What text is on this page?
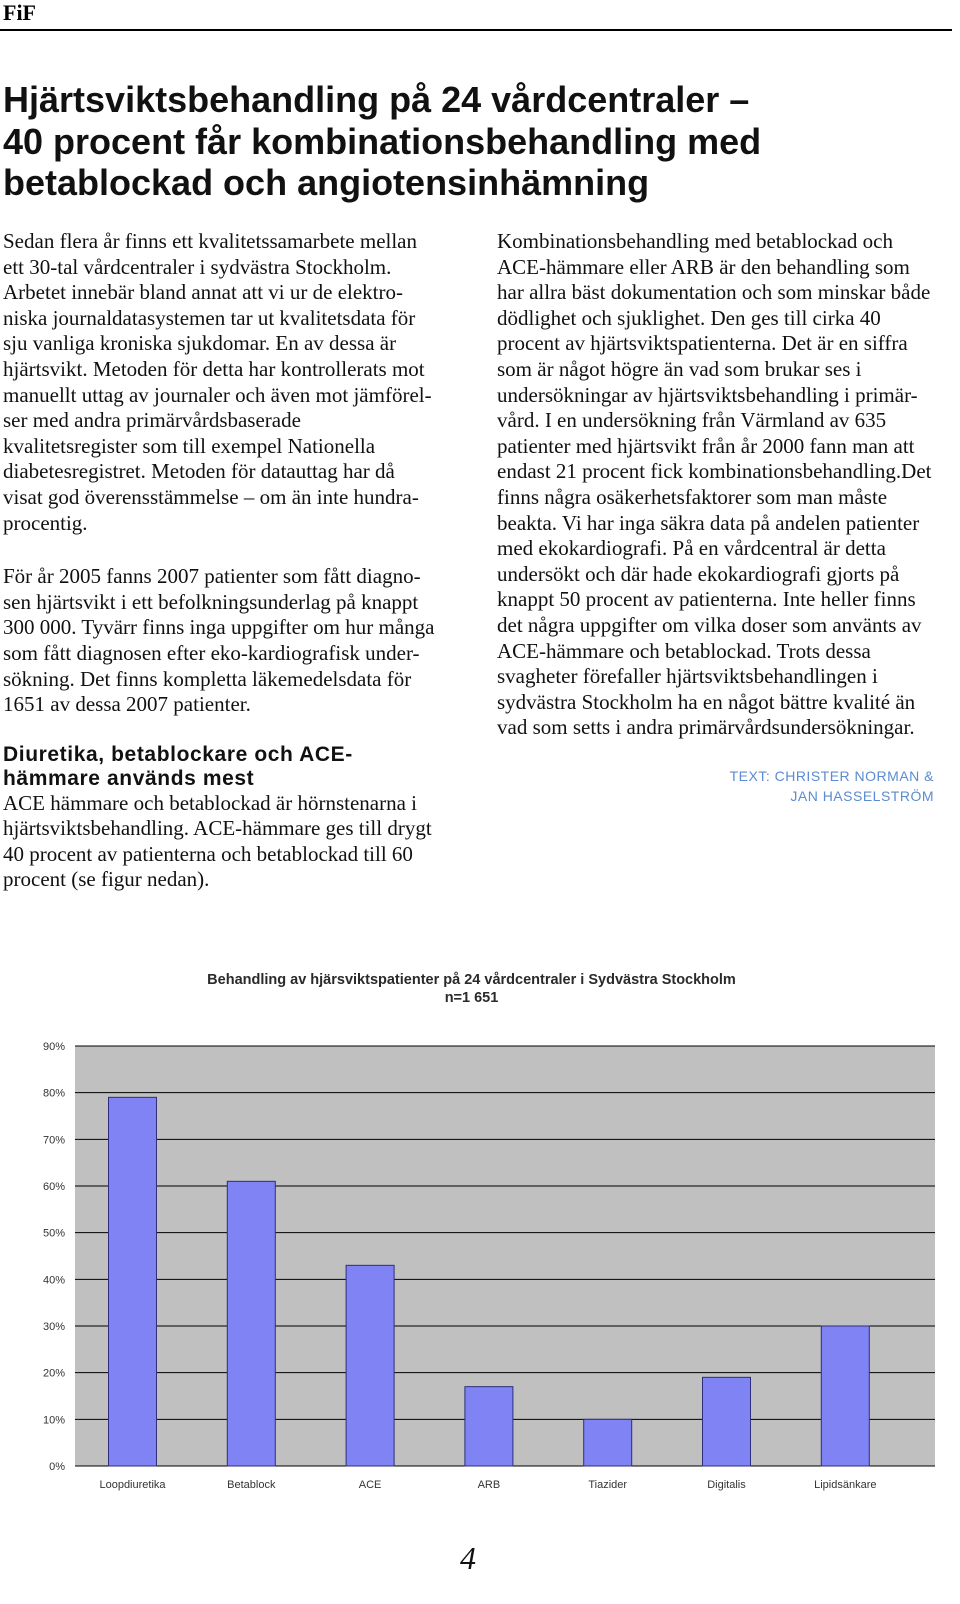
FiF
Hjärtsviktsbehandling på 24 vårdcentraler –
40 procent får kombinationsbehandling med
betablockad och angiotensinhämning
Sedan flera år finns ett kvalitetssamarbete mellan
ett 30-tal vårdcentraler i sydvästra Stockholm.
Arbetet innebär bland annat att vi ur de elektro-
niska journaldatasystemen tar ut kvalitetsdata för
sju vanliga kroniska sjukdomar. En av dessa är
hjärtsvikt. Metoden för detta har kontrollerats mot
manuellt uttag av journaler och även mot jämförel-
ser med andra primärvårdsbaserade
kvalitetsregister som till exempel Nationella
diabetesregistret. Metoden för datauttag har då
visat god överensstämmelse – om än inte hundra-
procentig.
För år 2005 fanns 2007 patienter som fått diagno-
sen hjärtsvikt i ett befolkningsunderlag på knappt
300 000. Tyvärr finns inga uppgifter om hur många
som fått diagnosen efter eko-kardiografisk under-
sökning. Det finns kompletta läkemedelsdata för
1651 av dessa 2007 patienter.
Diuretika, betablockare och ACE-
hämmare används mest
ACE hämmare och betablockad är hörnstenarna i
hjärtsviktsbehandling. ACE-hämmare ges till drygt
40 procent av patienterna och betablockad till 60
procent (se figur nedan).
Kombinationsbehandling med betablockad och
ACE-hämmare eller ARB är den behandling som
har allra bäst dokumentation och som minskar både
dödlighet och sjuklighet. Den ges till cirka 40
procent av hjärtsviktspatienterna. Det är en siffra
som är något högre än vad som brukar ses i
undersökningar av hjärtsviktsbehandling i primär-
vård. I en undersökning från Värmland av 635
patienter med hjärtsvikt från år 2000 fann man att
endast 21 procent fick kombinationsbehandling.Det
finns några osäkerhetsfaktorer som man måste
beakta. Vi har inga säkra data på andelen patienter
med ekokardiografi. På en vårdcentral är detta
undersökt och där hade ekokardiografi gjorts på
knappt 50 procent av patienterna. Inte heller finns
det några uppgifter om vilka doser som använts av
ACE-hämmare och betablockad. Trots dessa
svagheter förefaller hjärtsviktsbehandlingen i
sydvästra Stockholm ha en något bättre kvalité än
vad som setts i andra primärvårdsundersökningar.
TEXT: CHRISTER NORMAN &
JAN HASSELSTRÖM
Behandling av hjärsviktspatienter på 24 vårdcentraler i Sydvästra Stockholm
n=1 651
0%
10%
20%
30%
40%
50%
60%
70%
80%
90%
Loopdiuretika	Betablock	ACE	ARB	Tiazider	Digitalis	Lipidsänkare
4
